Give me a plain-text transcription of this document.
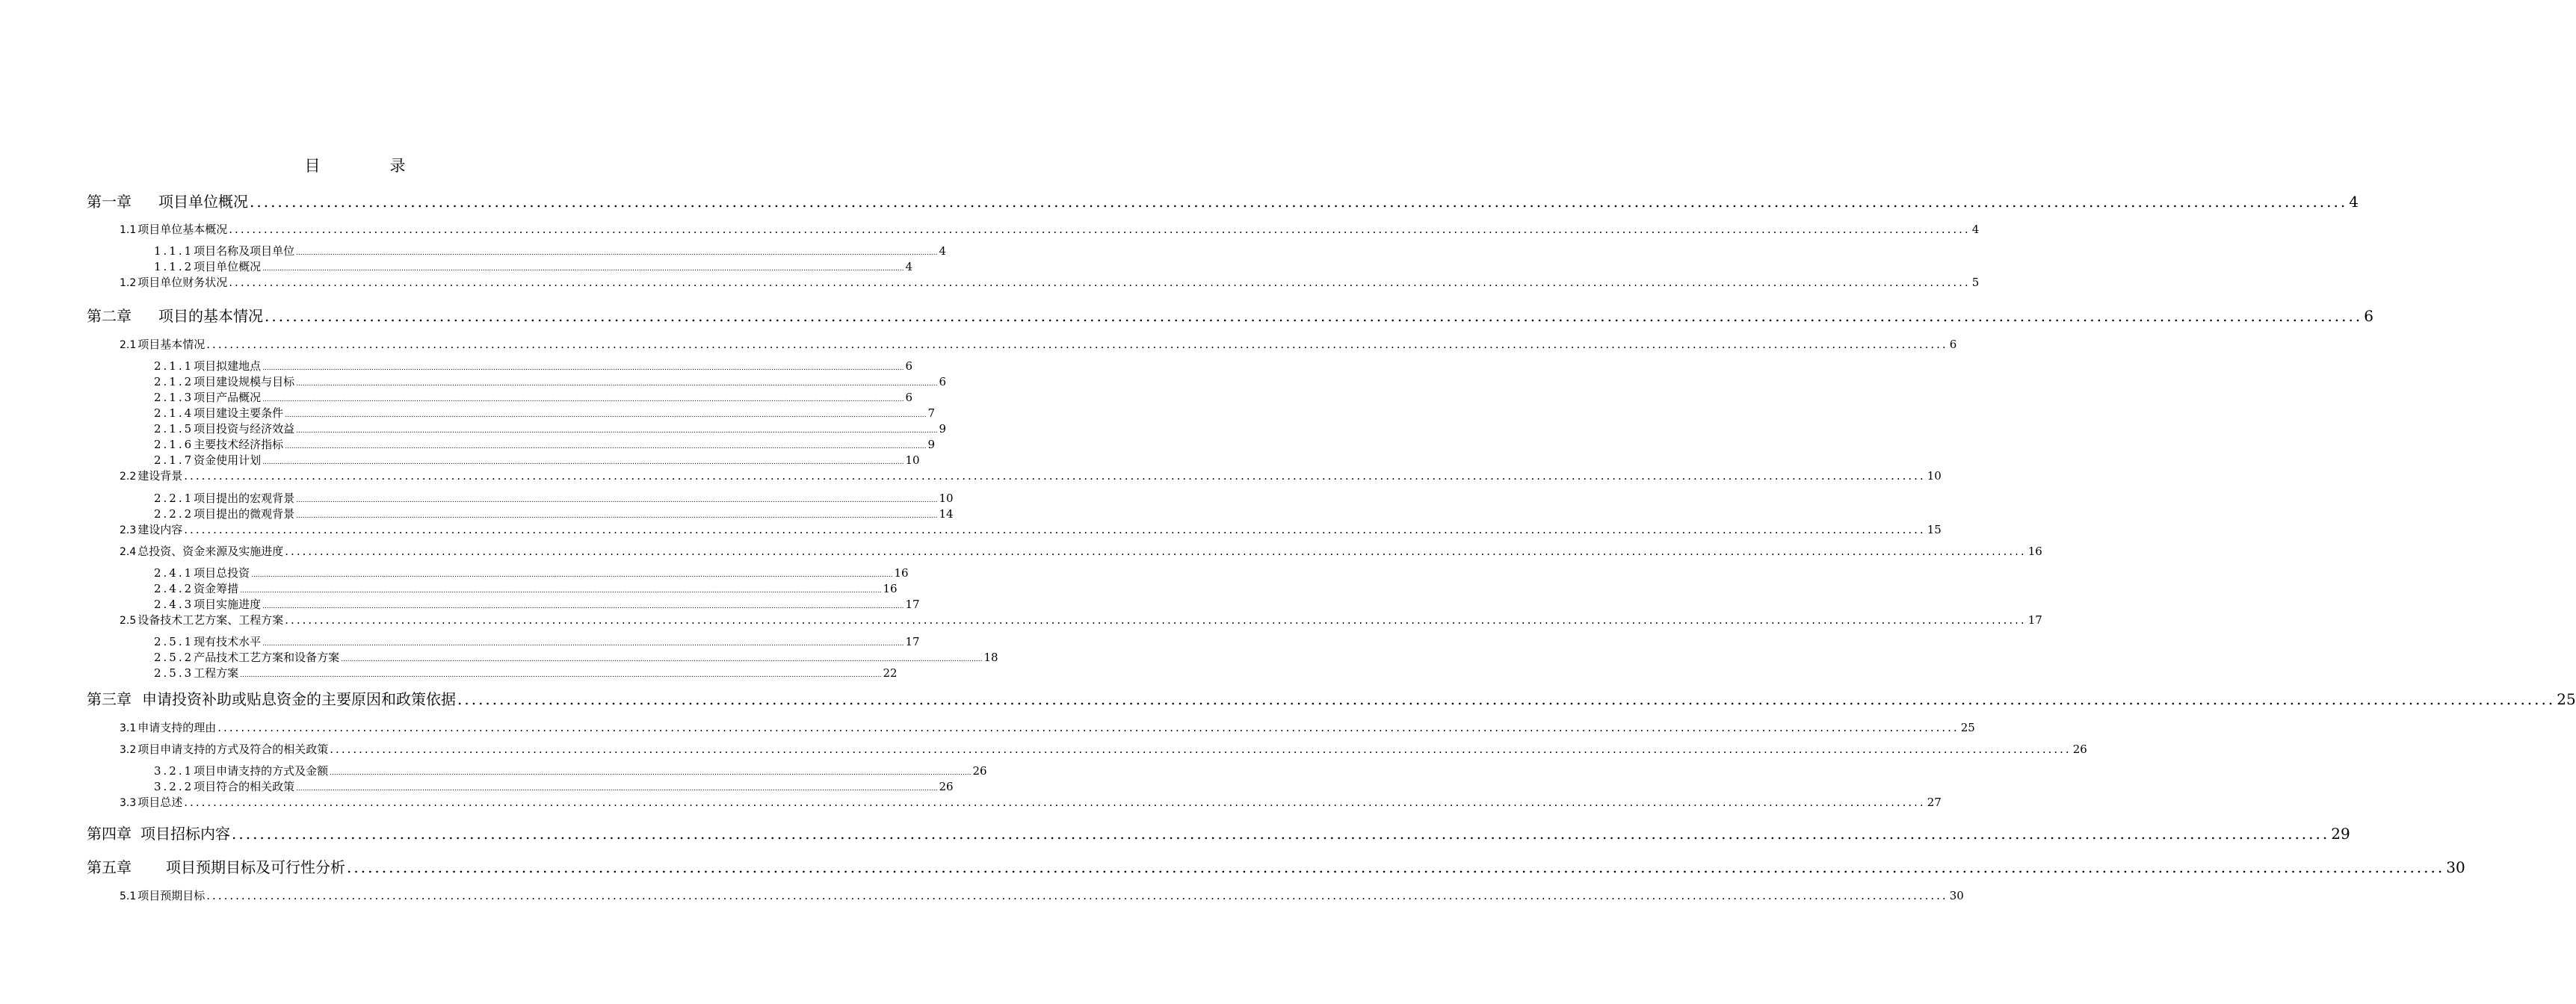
目　录
第一章 项目单位概况 ............................................................................................................................................................................................................................................................................................................ 4
1.1 项目单位基本概况 ............................................................................................................................................................................................................................................................................................................ 4
1.1.1项目名称及项目单位 ............................................................................................................................................................................................................................................................................................................ 4
1.1.2项目单位概况 ............................................................................................................................................................................................................................................................................................................ 4
1.2 项目单位财务状况 ............................................................................................................................................................................................................................................................................................................ 5
第二章 项目的基本情况 ............................................................................................................................................................................................................................................................................................................ 6
2.1 项目基本情况 ............................................................................................................................................................................................................................................................................................................ 6
2.1.1项目拟建地点 ............................................................................................................................................................................................................................................................................................................ 6
2.1.2项目建设规模与目标 ............................................................................................................................................................................................................................................................................................................ 6
2.1.3项目产品概况 ............................................................................................................................................................................................................................................................................................................ 6
2.1.4项目建设主要条件 ............................................................................................................................................................................................................................................................................................................ 7
2.1.5项目投资与经济效益 ............................................................................................................................................................................................................................................................................................................ 9
2.1.6主要技术经济指标 ............................................................................................................................................................................................................................................................................................................ 9
2.1.7资金使用计划 ............................................................................................................................................................................................................................................................................................................ 10
2.2 建设背景 ............................................................................................................................................................................................................................................................................................................ 10
2.2.1项目提出的宏观背景 ............................................................................................................................................................................................................................................................................................................ 10
2.2.2项目提出的微观背景 ............................................................................................................................................................................................................................................................................................................ 14
2.3 建设内容 ............................................................................................................................................................................................................................................................................................................ 15
2.4 总投资、资金来源及实施进度 ............................................................................................................................................................................................................................................................................................................ 16
2.4.1项目总投资 ............................................................................................................................................................................................................................................................................................................ 16
2.4.2资金筹措 ............................................................................................................................................................................................................................................................................................................ 16
2.4.3项目实施进度 ............................................................................................................................................................................................................................................................................................................ 17
2.5 设备技术工艺方案、工程方案 ............................................................................................................................................................................................................................................................................................................ 17
2.5.1现有技术水平 ............................................................................................................................................................................................................................................................................................................ 17
2.5.2产品技术工艺方案和设备方案 ............................................................................................................................................................................................................................................................................................................ 18
2.5.3工程方案 ............................................................................................................................................................................................................................................................................................................ 22
第三章 申请投资补助或贴息资金的主要原因和政策依据 ............................................................................................................................................................................................................................................................................................................ 25
3.1 申请支持的理由 ............................................................................................................................................................................................................................................................................................................ 25
3.2 项目申请支持的方式及符合的相关政策 ............................................................................................................................................................................................................................................................................................................ 26
3.2.1项目申请支持的方式及金额 ............................................................................................................................................................................................................................................................................................................ 26
3.2.2项目符合的相关政策 ............................................................................................................................................................................................................................................................................................................ 26
3.3 项目总述 ............................................................................................................................................................................................................................................................................................................ 27
第四章 项目招标内容 ............................................................................................................................................................................................................................................................................................................ 29
第五章 项目预期目标及可行性分析 ............................................................................................................................................................................................................................................................................................................ 30
5.1 项目预期目标 ............................................................................................................................................................................................................................................................................................................ 30
